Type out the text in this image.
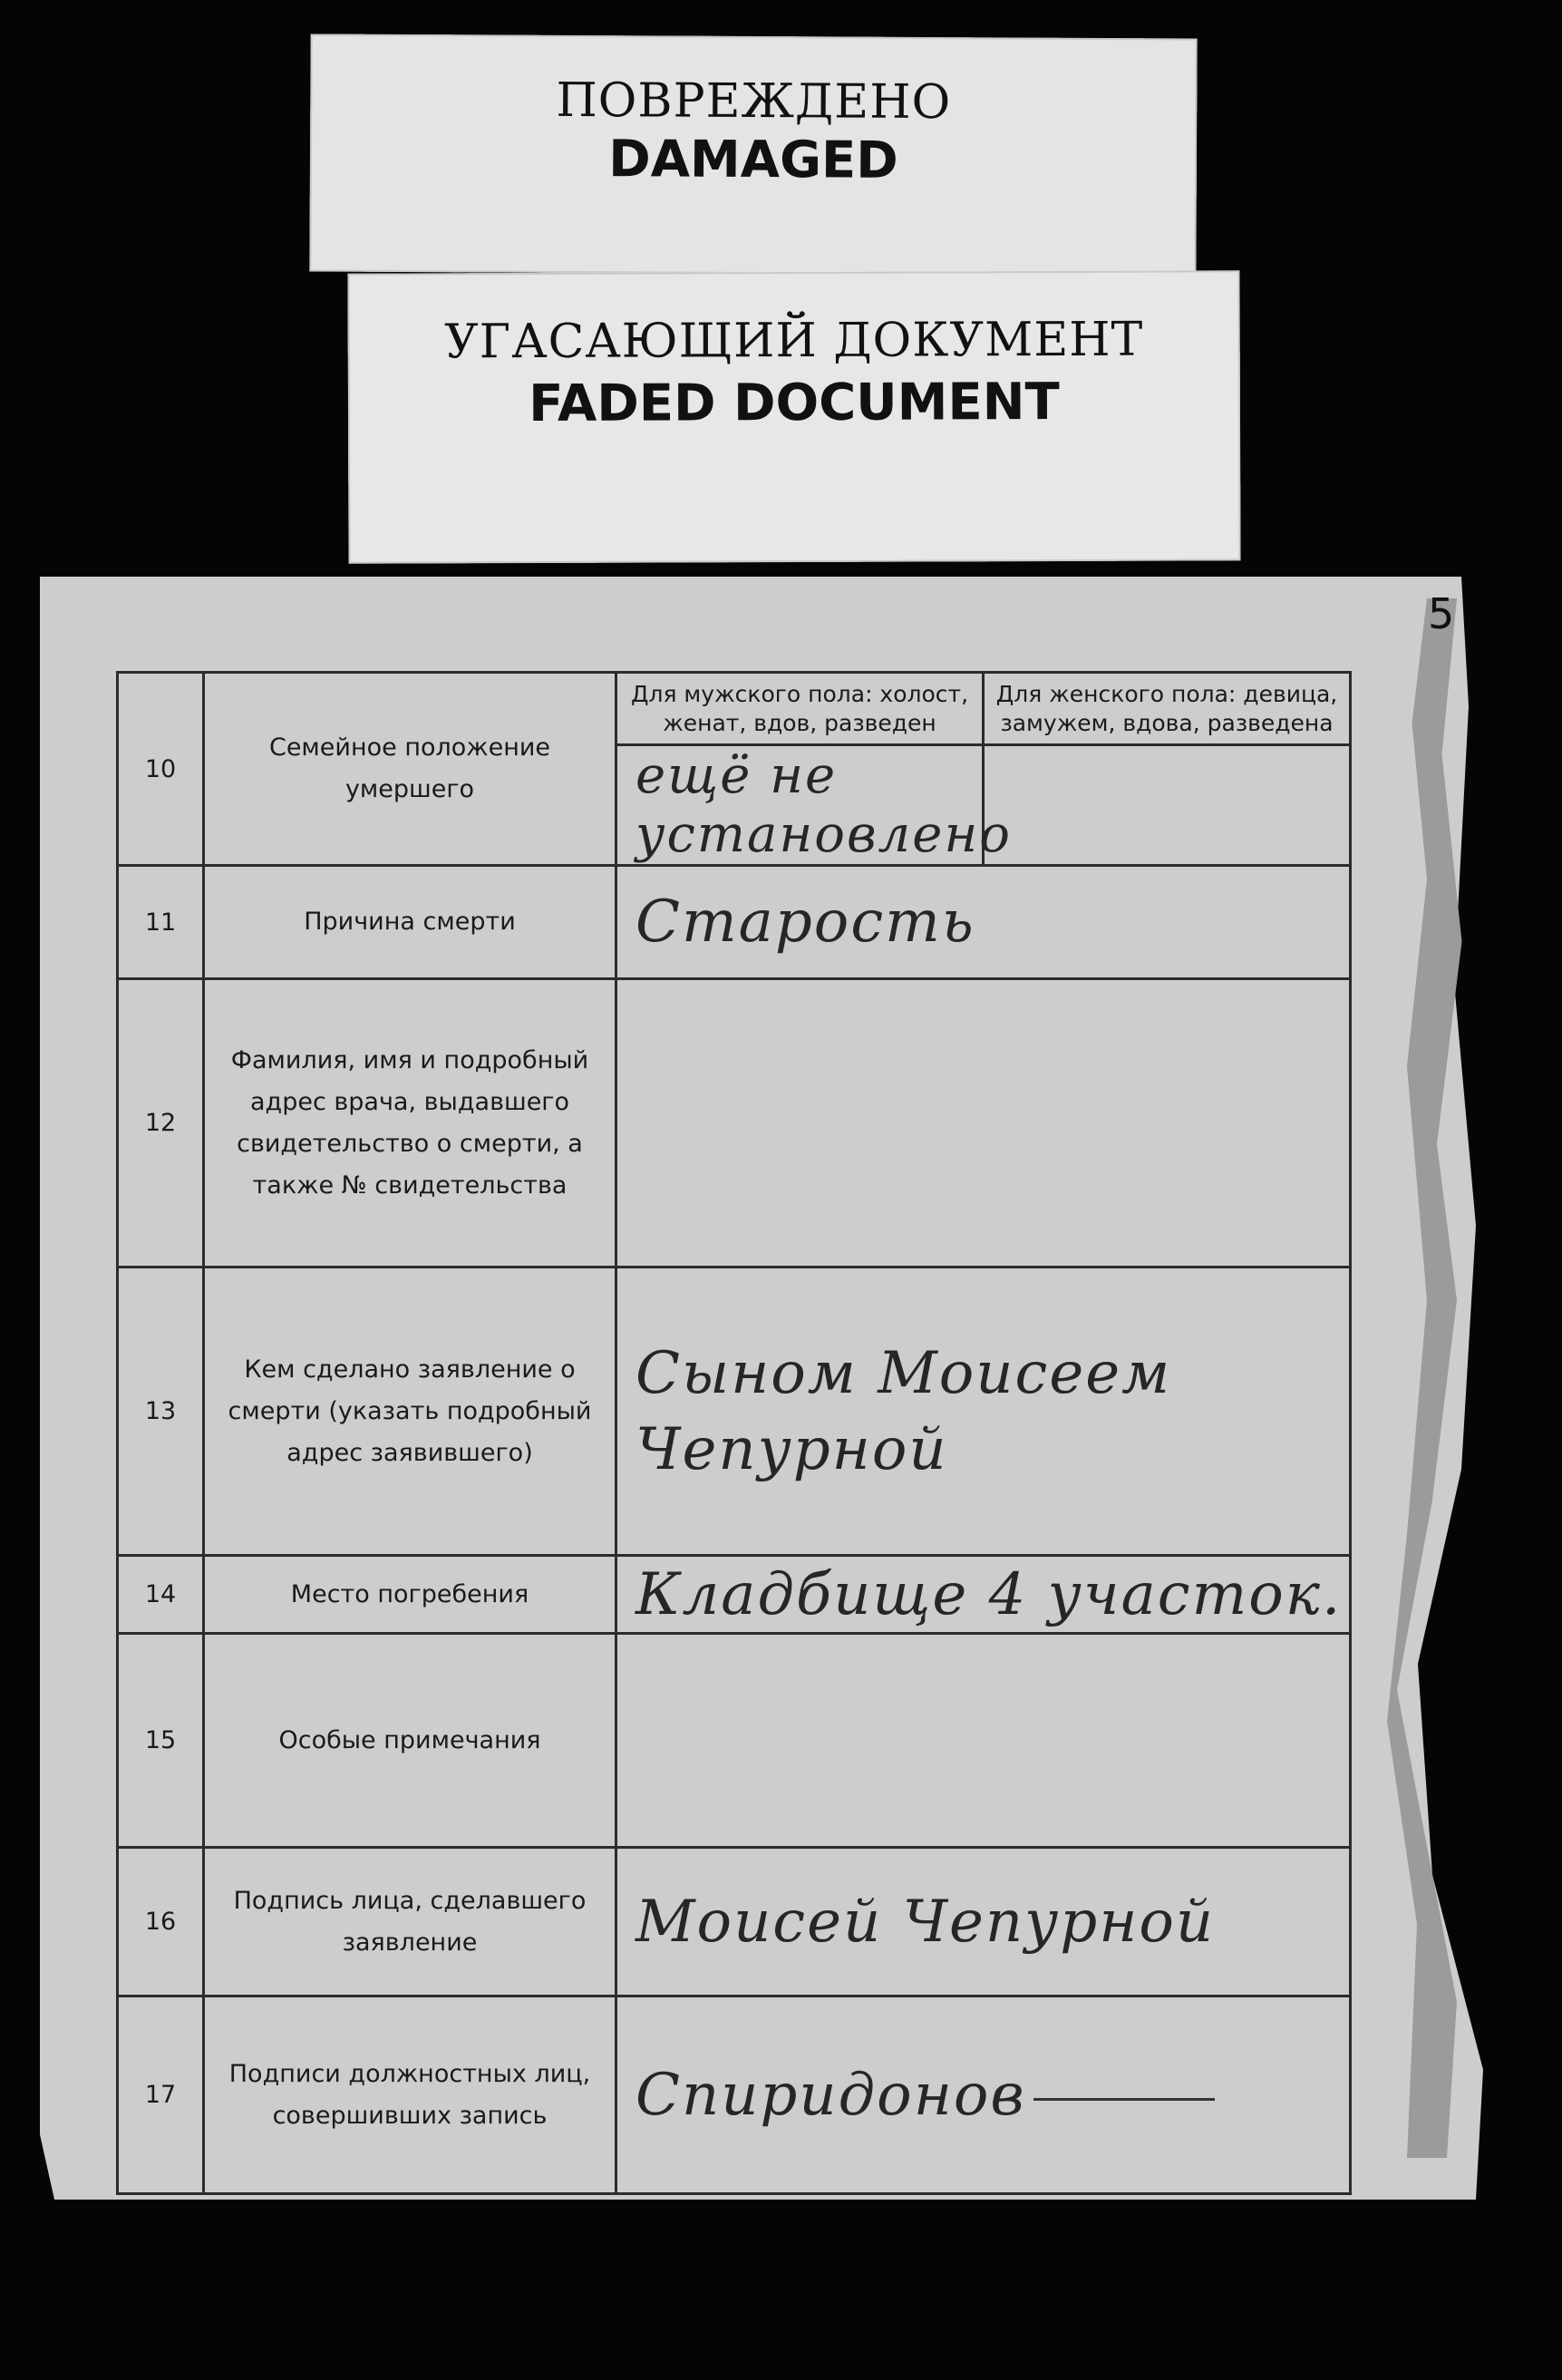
ПОВРЕЖДЕНО
DAMAGED
УГАСАЮЩИЙ ДОКУМЕНТ
FADED DOCUMENT
5
10	Семейное положение умершего	Для мужского пола: холост, женат, вдов, разведен	Для женского пола: девица, замужем, вдова, разведена
		ещё не установлено	
11	Причина смерти	Старость	
12	Фамилия, имя и подробный адрес врача, выдавшего свидетельство о смерти, а также № свидетельства		
13	Кем сделано заявление о смерти (указать подробный адрес заявившего)	Сыном Моисеем
Чепурной	

14	Место погребения	Кладбище 4 участок.	
15	Особые примечания		
16	Подпись лица, сделавшего заявление	Моисей Чепурной	
17	Подписи должностных лиц, совершивших запись	Спиридонов	
